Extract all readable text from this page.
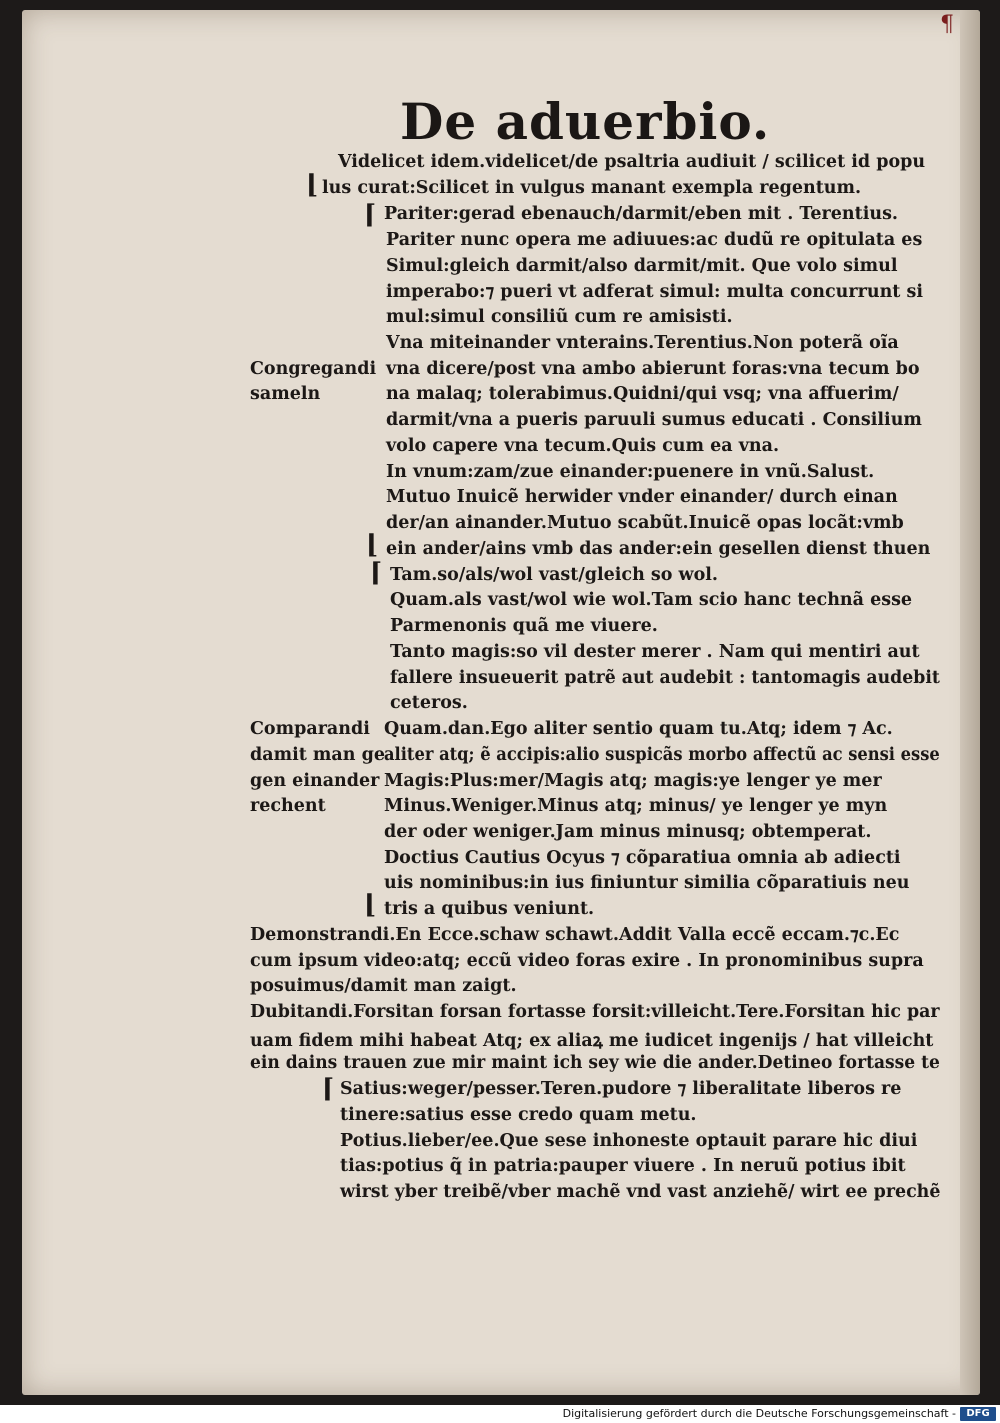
¶
De aduerbio.
Videlicet idem.videlicet/de psaltria audiuit / scilicet id popu
lus curat:Scilicet in vulgus manant exempla regentum.
Pariter:gerad ebenauch/darmit/eben mit . Terentius.
Pariter nunc opera me adiuues:ac dudũ re opitulata es
Simul:gleich darmit/also darmit/mit. Que volo simul
imperabo:⁊ pueri vt adferat simul: multa concurrunt si
mul:simul consiliũ cum re amisisti.
Vna miteinander vnterains.Terentius.Non poterã oĩa
vna dicere/post vna ambo abierunt foras:vna tecum bo
na malaq; tolerabimus.Quidni/qui vsq; vna affuerim/
darmit/vna a pueris paruuli sumus educati . Consilium
volo capere vna tecum.Quis cum ea vna.
In vnum:zam/zue einander:puenere in vnũ.Salust.
Mutuo Inuicẽ herwider vnder einander/ durch einan
der/an ainander.Mutuo scabũt.Inuicẽ opas locãt:vmb
ein ander/ains vmb das ander:ein gesellen dienst thuen
Tam.so/als/wol vast/gleich so wol.
Quam.als vast/wol wie wol.Tam scio hanc technã esse
Parmenonis quã me viuere.
Tanto magis:so vil dester merer . Nam qui mentiri aut
fallere insueuerit patrẽ aut audebit : tantomagis audebit
ceteros.
Quam.dan.Ego aliter sentio quam tu.Atq; idem ⁊ Ac.
aliter atq; ẽ accipis:alio suspicãs morbo affectũ ac sensi esse
Magis:Plus:mer/Magis atq; magis:ye lenger ye mer
Minus.Weniger.Minus atq; minus/ ye lenger ye myn
der oder weniger.Jam minus minusq; obtemperat.
Doctius Cautius Ocyus ⁊ cõparatiua omnia ab adiecti
uis nominibus:in ius finiuntur similia cõparatiuis neu
tris a quibus veniunt.
Demonstrandi.En Ecce.schaw schawt.Addit Valla eccẽ eccam.⁊c.Ec
cum ipsum video:atq; eccũ video foras exire . In pronominibus supra
posuimus/damit man zaigt.
Dubitandi.Forsitan forsan fortasse forsit:villeicht.Tere.Forsitan hic par
uam fidem mihi habeat Atq; ex aliaꝝ me iudicet ingenijs / hat villeicht
ein dains trauen zue mir maint ich sey wie die ander.Detineo fortasse te
Satius:weger/pesser.Teren.pudore ⁊ liberalitate liberos re
tinere:satius esse credo quam metu.
Potius.lieber/ee.Que sese inhoneste optauit parare hic diui
tias:potius q̃ in patria:pauper viuere . In neruũ potius ibit
wirst yber treibẽ/vber machẽ vnd vast anziehẽ/ wirt ee prechẽ
Congregandi
sameln
Comparandi
damit man ge
gen einander
rechent
⌊
⌈
⌊
⌈
⌊
⌈
Digitalisierung gefördert durch die Deutsche Forschungsgemeinschaft -	DFG
